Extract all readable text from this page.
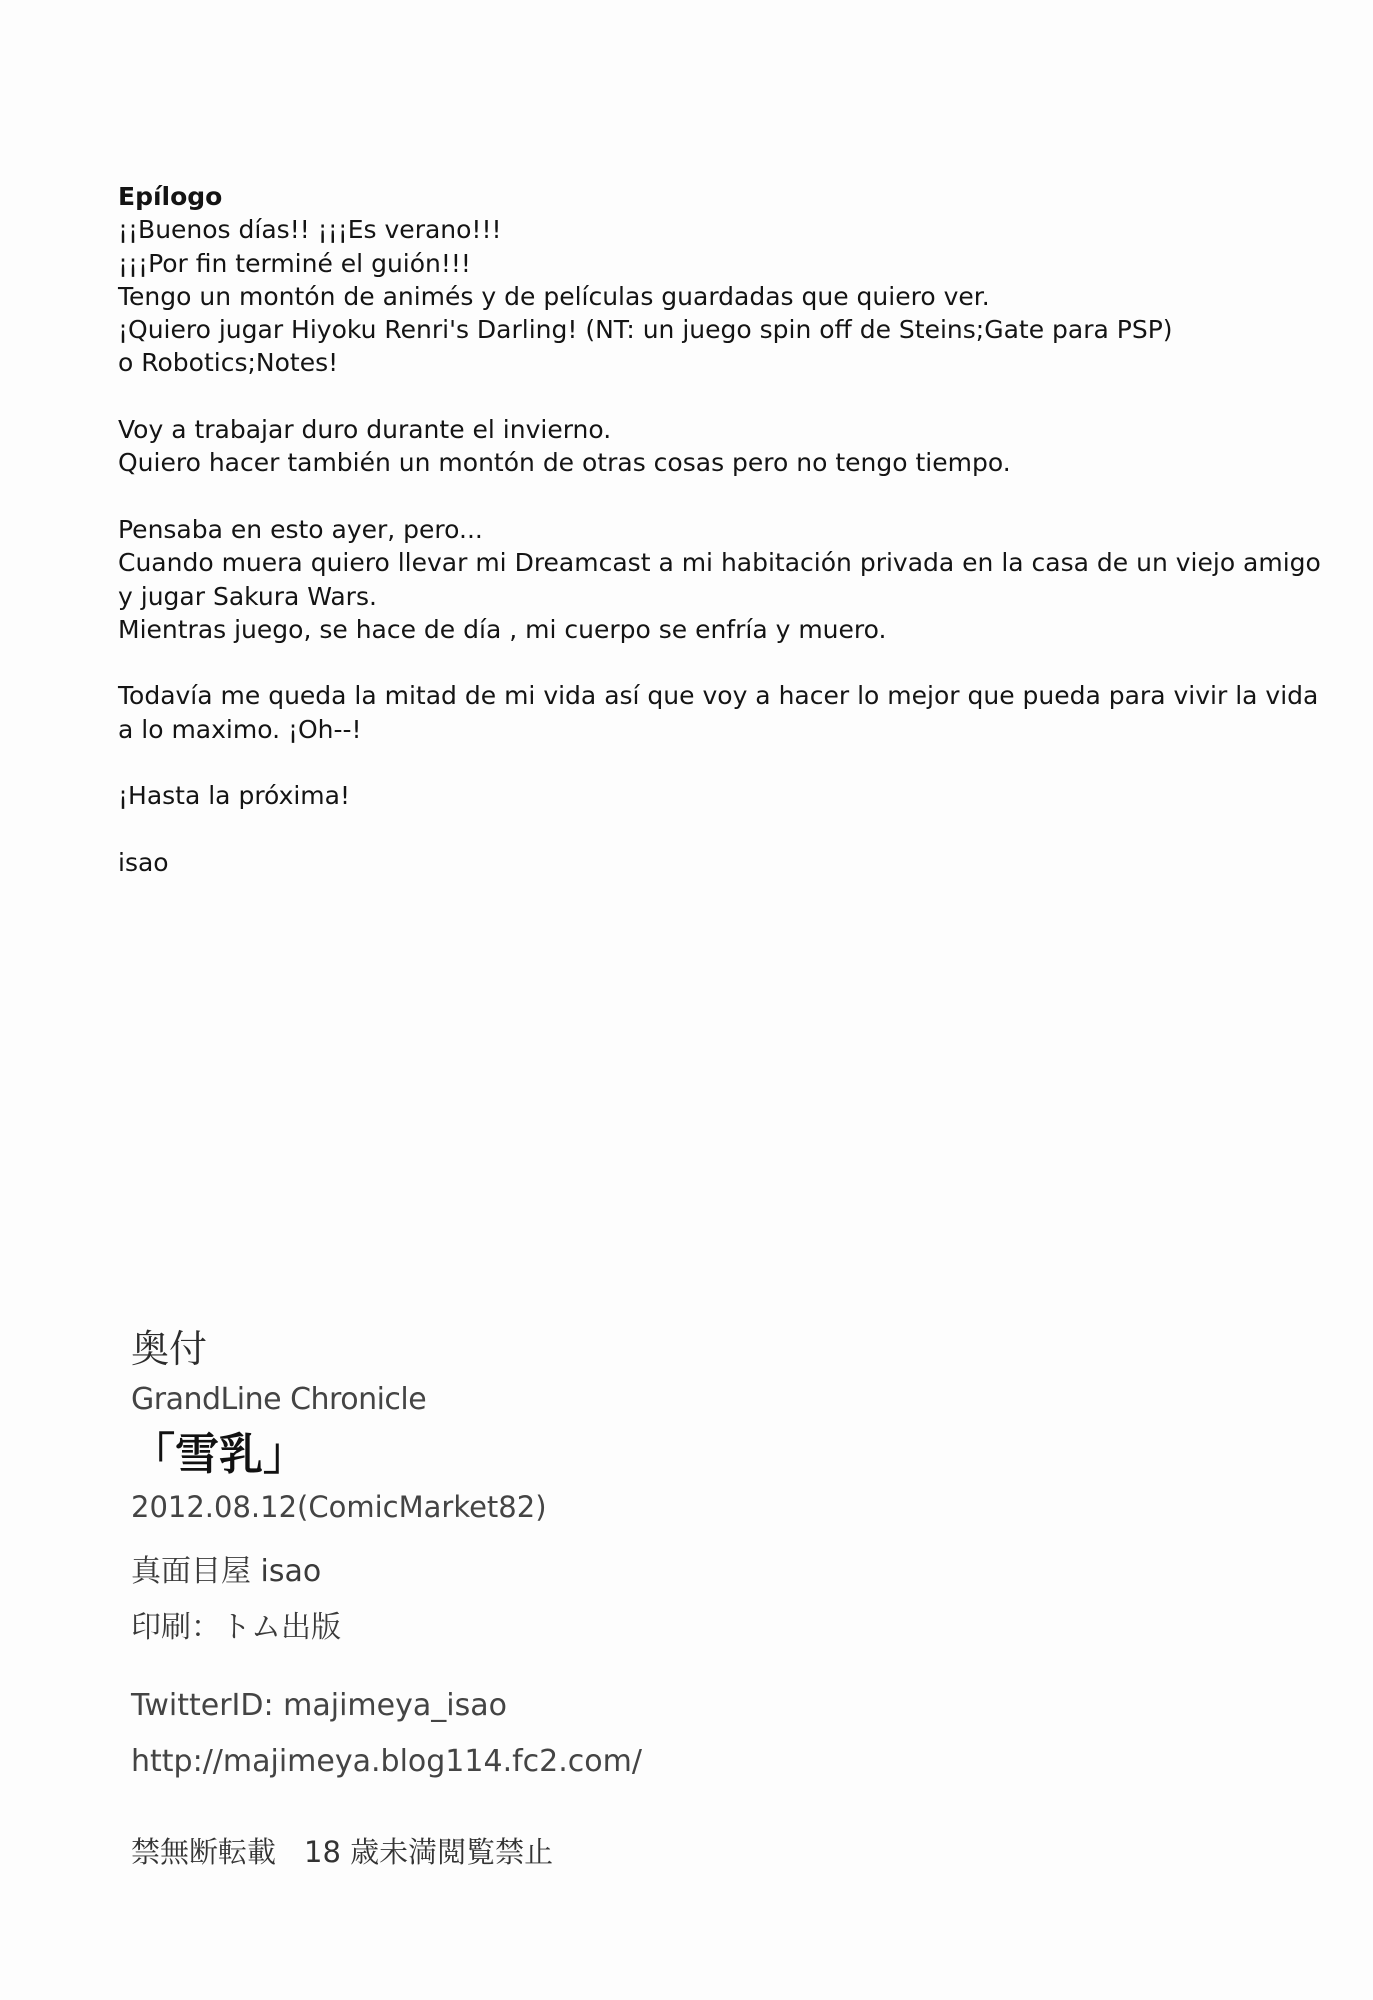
Epílogo
¡¡Buenos días!! ¡¡¡Es verano!!!
¡¡¡Por fin terminé el guión!!!
Tengo un montón de animés y de películas guardadas que quiero ver.
¡Quiero jugar Hiyoku Renri's Darling! (NT: un juego spin off de Steins;Gate para PSP)
o Robotics;Notes!
Voy a trabajar duro durante el invierno.
Quiero hacer también un montón de otras cosas pero no tengo tiempo.
Pensaba en esto ayer, pero...
Cuando muera quiero llevar mi Dreamcast a mi habitación privada en la casa de un viejo amigo
y jugar Sakura Wars.
Mientras juego, se hace de día , mi cuerpo se enfría y muero.
Todavía me queda la mitad de mi vida así que voy a hacer lo mejor que pueda para vivir la vida
a lo maximo. ¡Oh--!
¡Hasta la próxima!
isao
奥付
GrandLine Chronicle
「雪乳」
2012.08.12(ComicMarket82)
真面目屋 isao
印刷：トム出版
TwitterID: majimeya_isao
http://majimeya.blog114.fc2.com/
禁無断転載 18 歳未満閲覧禁止
